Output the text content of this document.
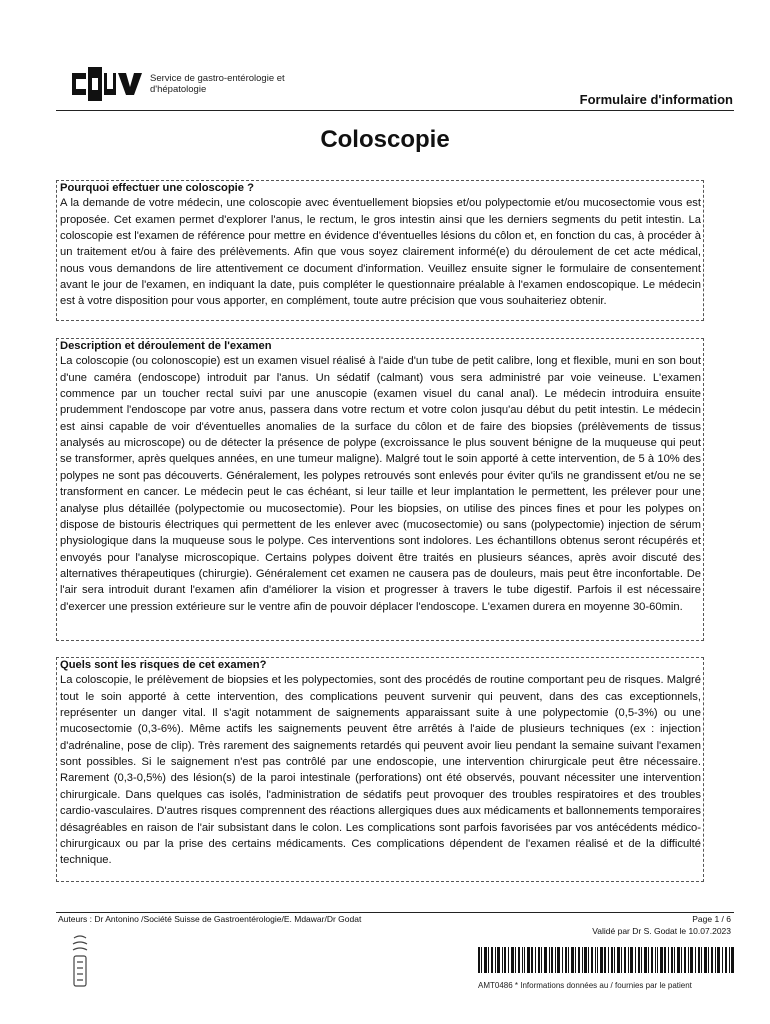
Service de gastro-entérologie et
d'hépatologie
Formulaire d'information
Coloscopie
Pourquoi effectuer une coloscopie ?

A la demande de votre médecin, une coloscopie avec éventuellement biopsies et/ou polypectomie et/ou mucosectomie vous est proposée. Cet examen permet d'explorer l'anus, le rectum, le gros intestin ainsi que les derniers segments du petit intestin. La coloscopie est l'examen de référence pour mettre en évidence d'éventuelles lésions du côlon et, en fonction du cas, à procéder à un traitement et/ou à faire des prélèvements. Afin que vous soyez clairement informé(e) du déroulement de cet acte médical, nous vous demandons de lire attentivement ce document d'information. Veuillez ensuite signer le formulaire de consentement avant le jour de l'examen, en indiquant la date, puis compléter le questionnaire préalable à l'examen endoscopique. Le médecin est à votre disposition pour vous apporter, en complément, toute autre précision que vous souhaiteriez obtenir.

Description et déroulement de l'examen

La coloscopie (ou colonoscopie) est un examen visuel réalisé à l'aide d'un tube de petit calibre, long et flexible, muni en son bout d'une caméra (endoscope) introduit par l'anus. Un sédatif (calmant) vous sera administré par voie veineuse. L'examen commence par un toucher rectal suivi par une anuscopie (examen visuel du canal anal). Le médecin introduira ensuite prudemment l'endoscope par votre anus, passera dans votre rectum et votre colon jusqu'au début du petit intestin. Le médecin est ainsi capable de voir d'éventuelles anomalies de la surface du côlon et de faire des biopsies (prélèvements de tissus analysés au microscope) ou de détecter la présence de polype (excroissance le plus souvent bénigne de la muqueuse qui peut se transformer, après quelques années, en une tumeur maligne). Malgré tout le soin apporté à cette intervention, de 5 à 10% des polypes ne sont pas découverts. Généralement, les polypes retrouvés sont enlevés pour éviter qu'ils ne grandissent et/ou ne se transforment en cancer. Le médecin peut le cas échéant, si leur taille et leur implantation le permettent, les prélever pour une analyse plus détaillée (polypectomie ou mucosectomie). Pour les biopsies, on utilise des pinces fines et pour les polypes on dispose de bistouris électriques qui permettent de les enlever avec (mucosectomie) ou sans (polypectomie) injection de sérum physiologique dans la muqueuse sous le polype. Ces interventions sont indolores. Les échantillons obtenus seront récupérés et envoyés pour l'analyse microscopique. Certains polypes doivent être traités en plusieurs séances, après avoir discuté des alternatives thérapeutiques (chirurgie). Généralement cet examen ne causera pas de douleurs, mais peut être inconfortable. De l'air sera introduit durant l'examen afin d'améliorer la vision et progresser à travers le tube digestif. Parfois il est nécessaire d'exercer une pression extérieure sur le ventre afin de pouvoir déplacer l'endoscope. L'examen durera en moyenne 30-60min.

Quels sont les risques de cet examen?

La coloscopie, le prélèvement de biopsies et les polypectomies, sont des procédés de routine comportant peu de risques. Malgré tout le soin apporté à cette intervention, des complications peuvent survenir qui peuvent, dans des cas exceptionnels, représenter un danger vital. Il s'agit notamment de saignements apparaissant suite à une polypectomie (0,5-3%) ou une mucosectomie (0,3-6%). Même actifs les saignements peuvent être arrêtés à l'aide de plusieurs techniques (ex : injection d'adrénaline, pose de clip). Très rarement des saignements retardés qui peuvent avoir lieu pendant la semaine suivant l'examen sont possibles. Si le saignement n'est pas contrôlé par une endoscopie, une intervention chirurgicale peut être nécessaire. Rarement (0,3-0,5%) des lésion(s) de la paroi intestinale (perforations) ont été observés, pouvant nécessiter une intervention chirurgicale. Dans quelques cas isolés, l'administration de sédatifs peut provoquer des troubles respiratoires et des troubles cardio-vasculaires. D'autres risques comprennent des réactions allergiques dues aux médicaments et ballonnements temporaires désagréables en raison de l'air subsistant dans le colon. Les complications sont parfois favorisées par vos antécédents médico-chirurgicaux ou par la prise des certains médicaments. Ces complications dépendent de l'examen réalisé et de la difficulté technique.

Auteurs : Dr Antonino /Société Suisse de Gastroentérologie/E. Mdawar/Dr Godat	Page 1 / 6
Validé par Dr S. Godat le 10.07.2023
AMT0486 * Informations données au / fournies par le patient
